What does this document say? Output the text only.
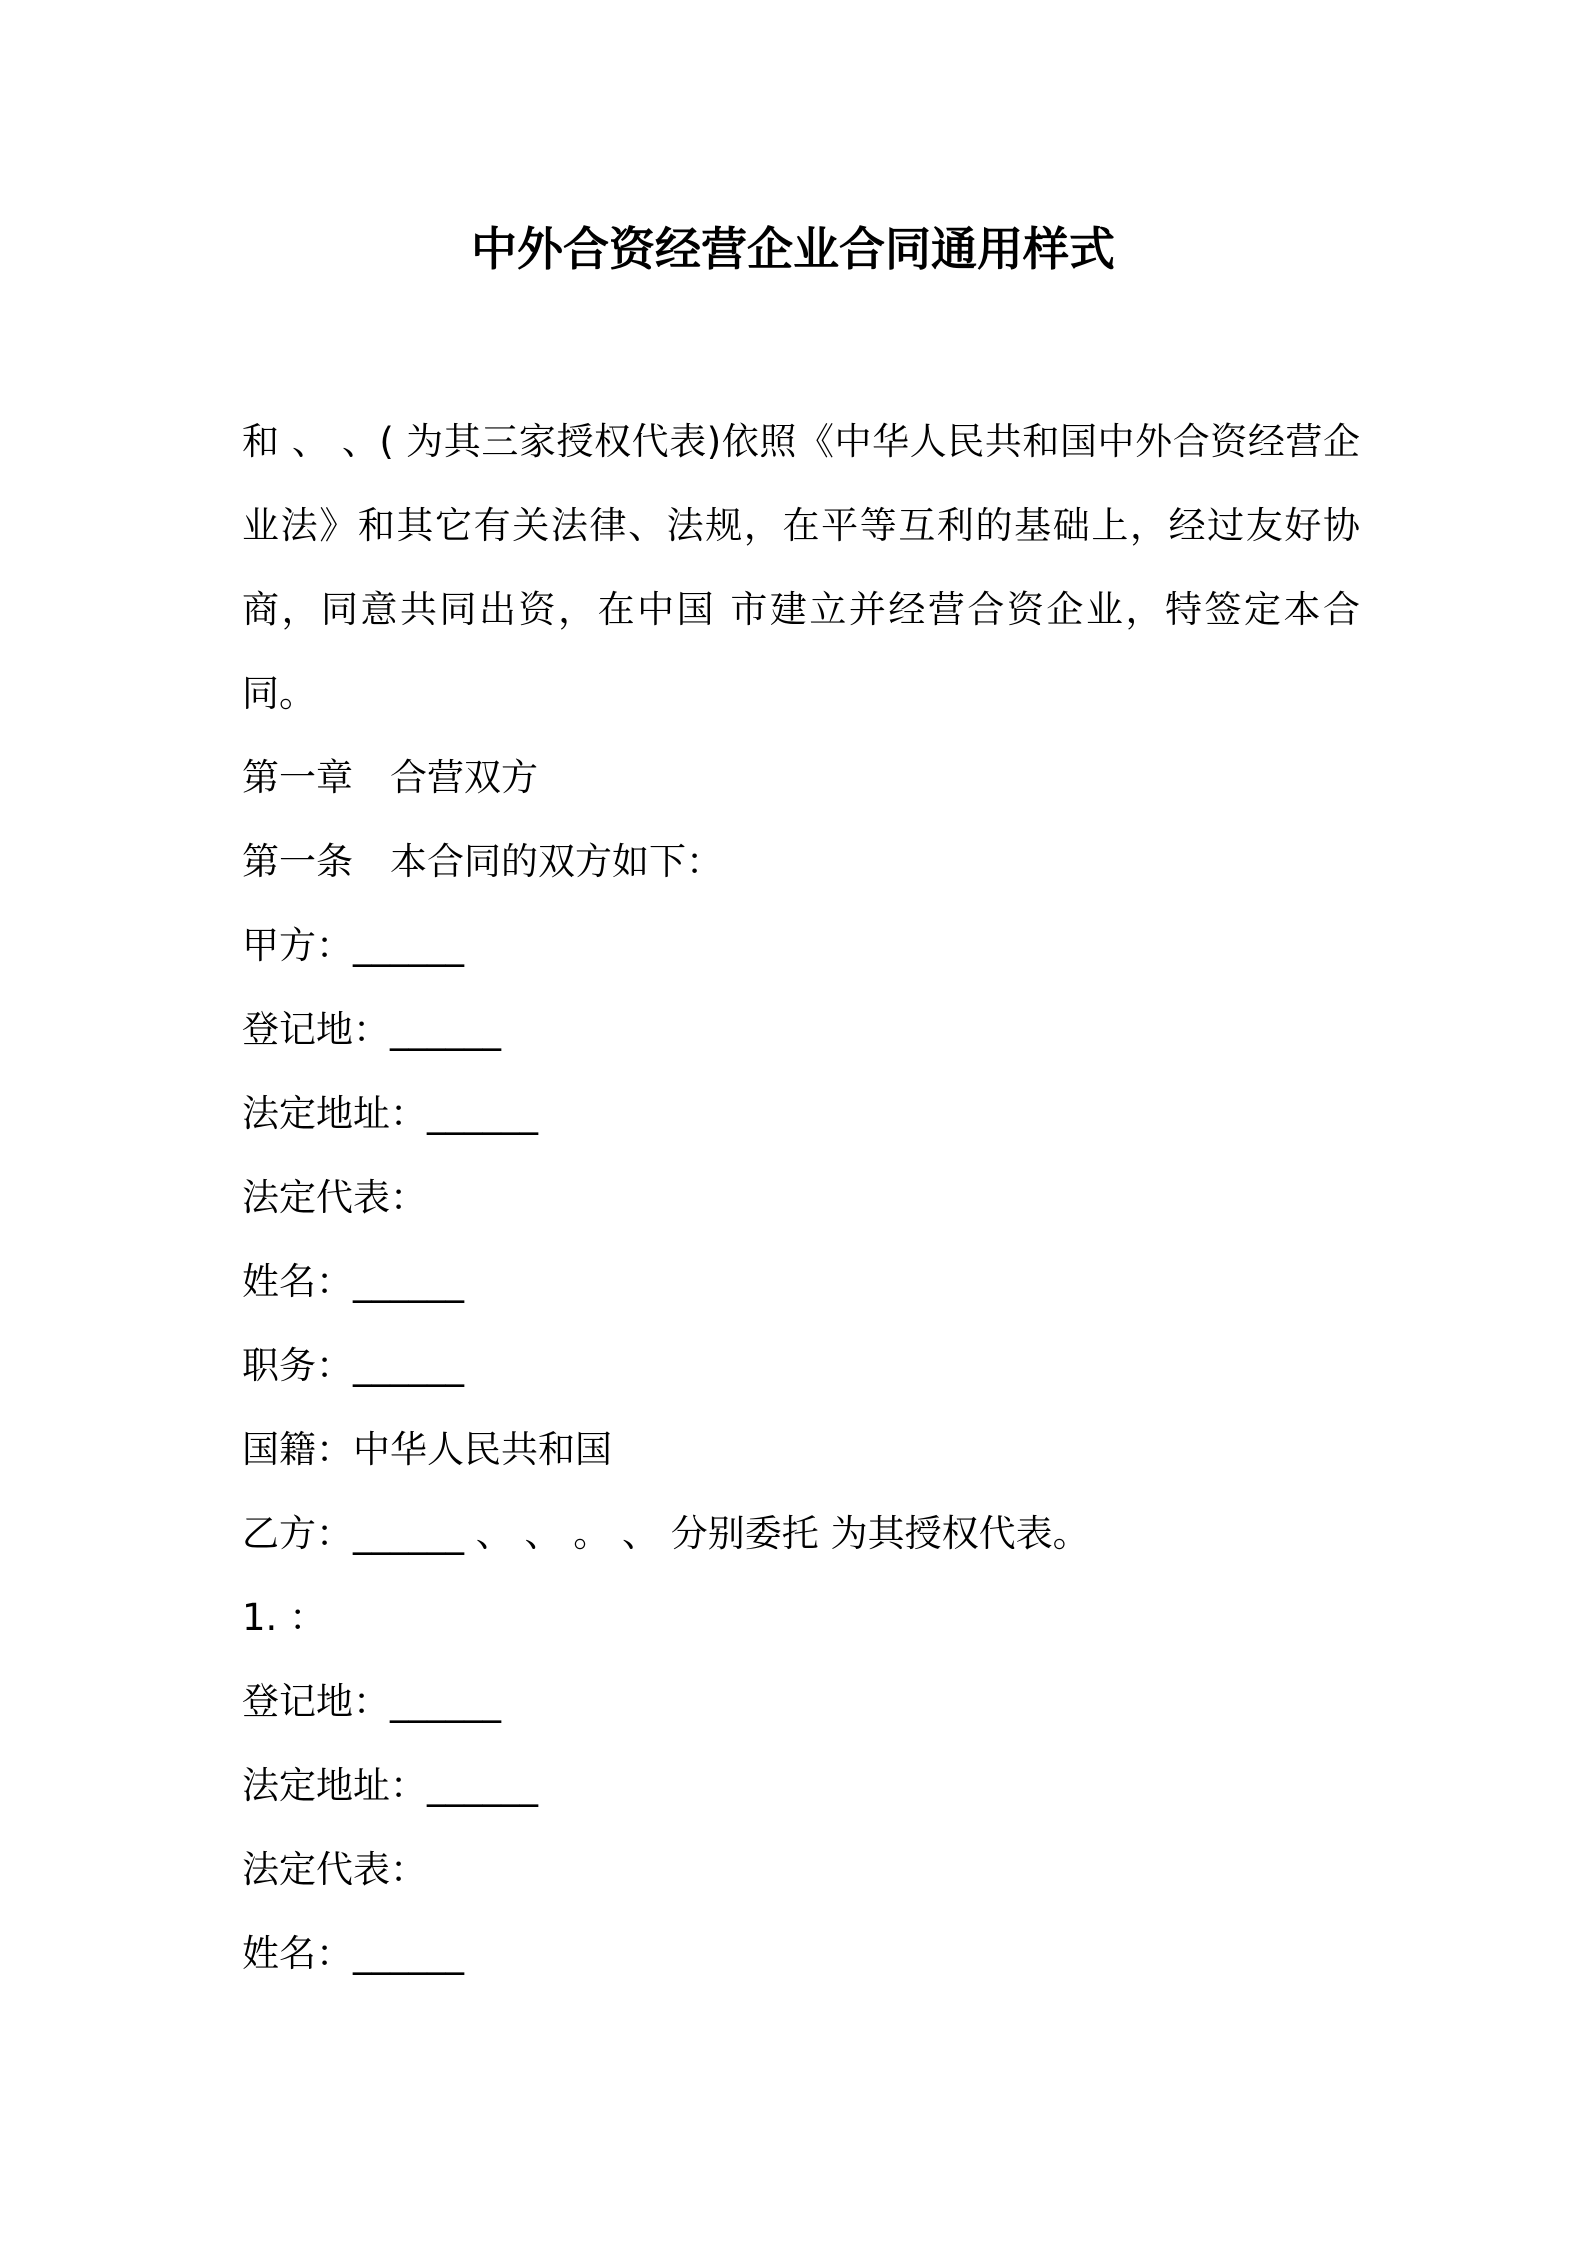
中外合资经营企业合同通用样式

和 、 、( 为其三家授权代表)依照《中华人民共和国中外合资经营企业法》和其它有关法律、法规，在平等互利的基础上，经过友好协商，同意共同出资，在中国 市建立并经营合资企业，特签定本合同。

第一章　合营双方

第一条　本合同的双方如下：

甲方：______

登记地：______

法定地址：______

法定代表：

姓名：______

职务：______

国籍：中华人民共和国

乙方：______ 、 、 。 、 分别委托 为其授权代表。

1. ：

登记地：______

法定地址：______

法定代表：

姓名：______
